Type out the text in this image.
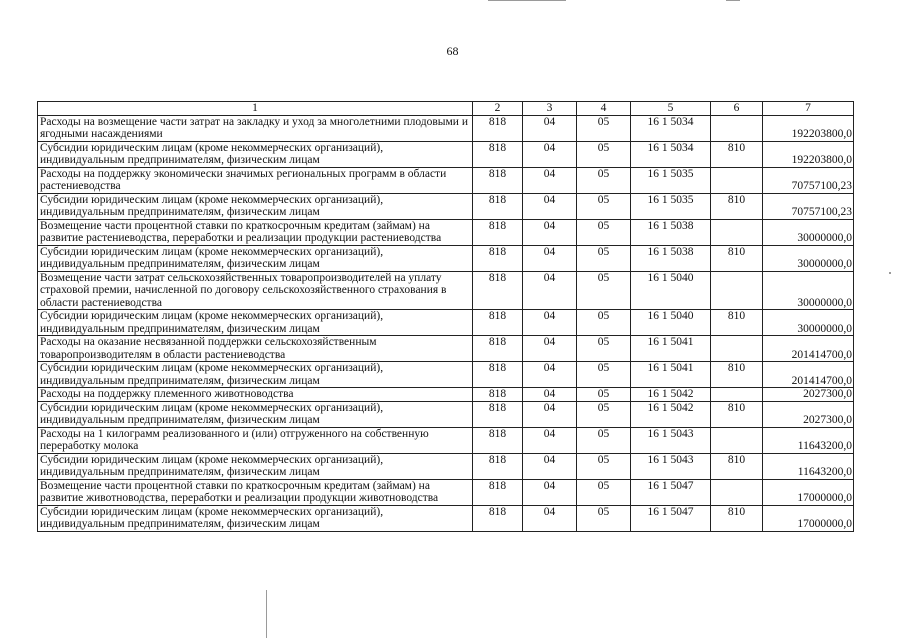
68
1	2	3	4	5	6	7
Расходы на возмещение части затрат на закладку и уход за многолетними плодовыми и ягодными насаждениями	818	04	05	16 1 5034		192203800,0
Субсидии юридическим лицам (кроме некоммерческих организаций), индивидуальным предпринимателям, физическим лицам	818	04	05	16 1 5034	810	192203800,0
Расходы на поддержку экономически значимых региональных программ в области растениеводства	818	04	05	16 1 5035		70757100,23
Субсидии юридическим лицам (кроме некоммерческих организаций), индивидуальным предпринимателям, физическим лицам	818	04	05	16 1 5035	810	70757100,23
Возмещение части процентной ставки по краткосрочным кредитам (займам) на развитие растениеводства, переработки и реализации продукции растениеводства	818	04	05	16 1 5038		30000000,0
Субсидии юридическим лицам (кроме некоммерческих организаций), индивидуальным предпринимателям, физическим лицам	818	04	05	16 1 5038	810	30000000,0
Возмещение части затрат сельскохозяйственных товаропроизводителей на уплату страховой премии, начисленной по договору сельскохозяйственного страхования в области растениеводства	818	04	05	16 1 5040		30000000,0
Субсидии юридическим лицам (кроме некоммерческих организаций), индивидуальным предпринимателям, физическим лицам	818	04	05	16 1 5040	810	30000000,0
Расходы на оказание несвязанной поддержки сельскохозяйственным товаропроизводителям в области растениеводства	818	04	05	16 1 5041		201414700,0
Субсидии юридическим лицам (кроме некоммерческих организаций), индивидуальным предпринимателям, физическим лицам	818	04	05	16 1 5041	810	201414700,0
Расходы на поддержку племенного животноводства	818	04	05	16 1 5042		2027300,0
Субсидии юридическим лицам (кроме некоммерческих организаций), индивидуальным предпринимателям, физическим лицам	818	04	05	16 1 5042	810	2027300,0
Расходы на 1 килограмм реализованного и (или) отгруженного на собственную переработку молока	818	04	05	16 1 5043		11643200,0
Субсидии юридическим лицам (кроме некоммерческих организаций), индивидуальным предпринимателям, физическим лицам	818	04	05	16 1 5043	810	11643200,0
Возмещение части процентной ставки по краткосрочным кредитам (займам) на развитие животноводства, переработки и реализации продукции животноводства	818	04	05	16 1 5047		17000000,0
Субсидии юридическим лицам (кроме некоммерческих организаций), индивидуальным предпринимателям, физическим лицам	818	04	05	16 1 5047	810	17000000,0
